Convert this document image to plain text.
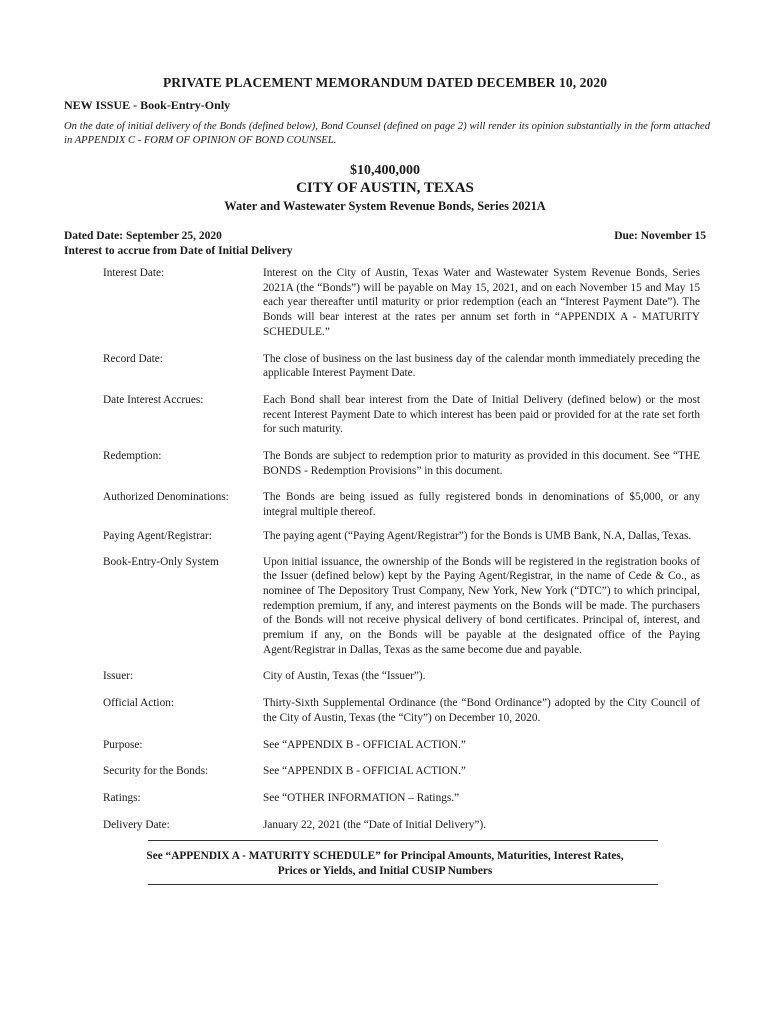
PRIVATE PLACEMENT MEMORANDUM DATED DECEMBER 10, 2020
NEW ISSUE - Book-Entry-Only
On the date of initial delivery of the Bonds (defined below), Bond Counsel (defined on page 2) will render its opinion substantially in the form attached in APPENDIX C - FORM OF OPINION OF BOND COUNSEL.
$10,400,000
CITY OF AUSTIN, TEXAS
Water and Wastewater System Revenue Bonds, Series 2021A
Dated Date: September 25, 2020	Due: November 15
Interest to accrue from Date of Initial Delivery
Interest Date:	Interest on the City of Austin, Texas Water and Wastewater System Revenue Bonds, Series 2021A (the “Bonds”) will be payable on May 15, 2021, and on each November 15 and May 15 each year thereafter until maturity or prior redemption (each an “Interest Payment Date”). The Bonds will bear interest at the rates per annum set forth in “APPENDIX A - MATURITY SCHEDULE.”
Record Date:	The close of business on the last business day of the calendar month immediately preceding the applicable Interest Payment Date.
Date Interest Accrues:	Each Bond shall bear interest from the Date of Initial Delivery (defined below) or the most recent Interest Payment Date to which interest has been paid or provided for at the rate set forth for such maturity.
Redemption:	The Bonds are subject to redemption prior to maturity as provided in this document. See “THE BONDS - Redemption Provisions” in this document.
Authorized Denominations:	The Bonds are being issued as fully registered bonds in denominations of $5,000, or any integral multiple thereof.
Paying Agent/Registrar:	The paying agent (“Paying Agent/Registrar”) for the Bonds is UMB Bank, N.A, Dallas, Texas.
Book-Entry-Only System	Upon initial issuance, the ownership of the Bonds will be registered in the registration books of the Issuer (defined below) kept by the Paying Agent/Registrar, in the name of Cede & Co., as nominee of The Depository Trust Company, New York, New York (“DTC”) to which principal, redemption premium, if any, and interest payments on the Bonds will be made. The purchasers of the Bonds will not receive physical delivery of bond certificates. Principal of, interest, and premium if any, on the Bonds will be payable at the designated office of the Paying Agent/Registrar in Dallas, Texas as the same become due and payable.
Issuer:	City of Austin, Texas (the “Issuer”).
Official Action:	Thirty-Sixth Supplemental Ordinance (the “Bond Ordinance”) adopted by the City Council of the City of Austin, Texas (the “City”) on December 10, 2020.
Purpose:	See “APPENDIX B - OFFICIAL ACTION.”
Security for the Bonds:	See “APPENDIX B - OFFICIAL ACTION.”
Ratings:	See “OTHER INFORMATION – Ratings.”
Delivery Date:	January 22, 2021 (the “Date of Initial Delivery”).
See “APPENDIX A - MATURITY SCHEDULE” for Principal Amounts, Maturities, Interest Rates,
Prices or Yields, and Initial CUSIP Numbers
